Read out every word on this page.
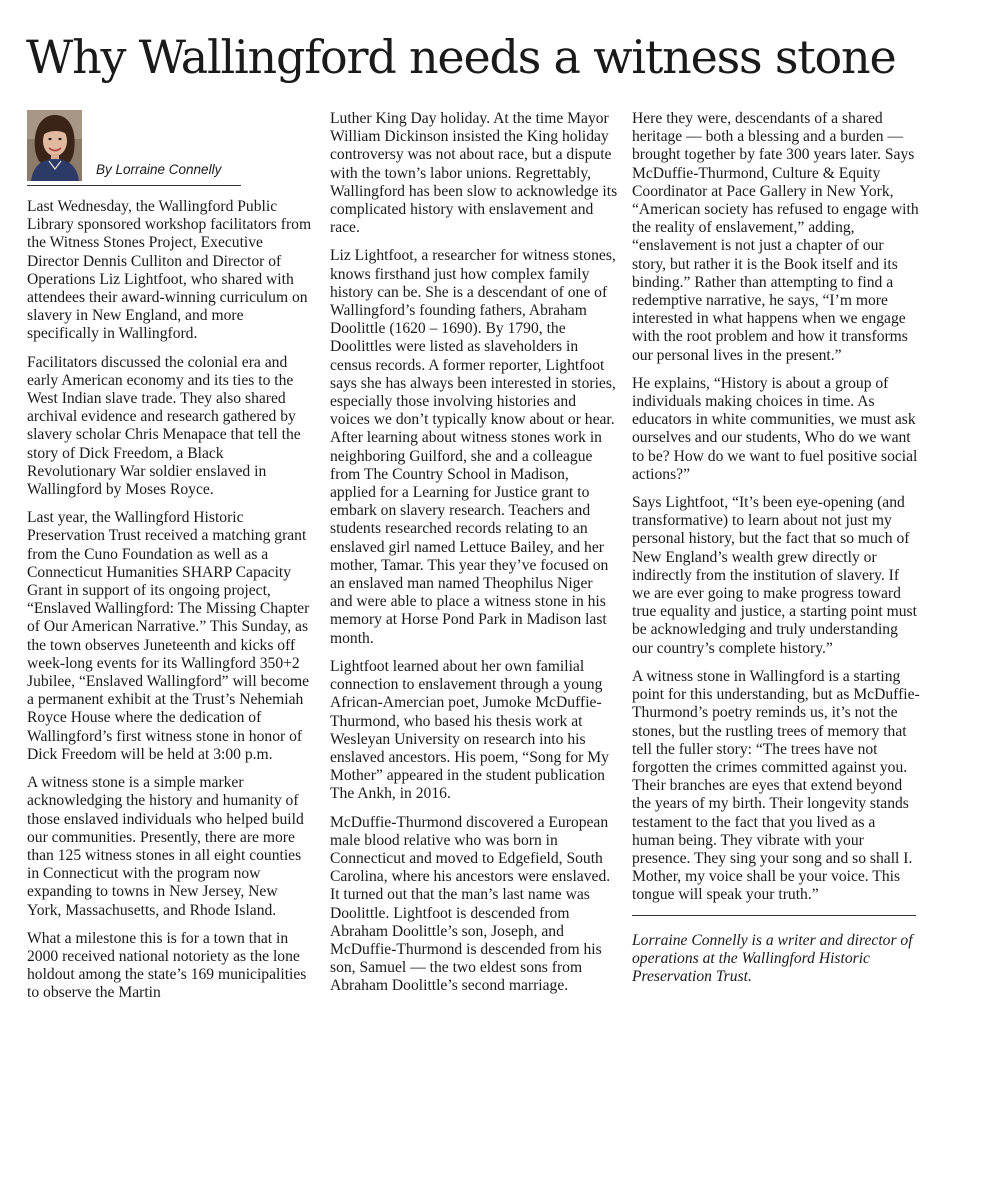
Why Wallingford needs a witness stone
By Lorraine Connelly

Last Wednesday, the Wallingford Public Library sponsored workshop facilitators from the Witness Stones Project, Executive Director Dennis Culliton and Director of Operations Liz Lightfoot, who shared with attendees their award-winning curriculum on slavery in New England, and more specifically in Wallingford.

Facilitators discussed the colonial era and early American economy and its ties to the West Indian slave trade. They also shared archival evidence and research gathered by slavery scholar Chris Menapace that tell the story of Dick Freedom, a Black Revolutionary War soldier enslaved in Wallingford by Moses Royce.

Last year, the Wallingford Historic Preservation Trust received a matching grant from the Cuno Foundation as well as a Connecticut Humanities SHARP Capacity Grant in support of its ongoing project, “Enslaved Wallingford: The Missing Chapter of Our American Narrative.” This Sunday, as the town observes Juneteenth and kicks off week-long events for its Wallingford 350+2 Jubilee, “Enslaved Wallingford” will become a permanent exhibit at the Trust’s Nehemiah Royce House where the dedication of Wallingford’s first witness stone in honor of Dick Freedom will be held at 3:00 p.m.

A witness stone is a simple marker acknowledging the history and humanity of those enslaved individuals who helped build our communities. Presently, there are more than 125 witness stones in all eight counties in Connecticut with the program now expanding to towns in New Jersey, New York, Massachusetts, and Rhode Island.

What a milestone this is for a town that in 2000 received national notoriety as the lone holdout among the state’s 169 municipalities to observe the Martin

Luther King Day holiday. At the time Mayor William Dickinson insisted the King holiday controversy was not about race, but a dispute with the town’s labor unions. Regrettably, Wallingford has been slow to acknowledge its complicated history with enslavement and race.

Liz Lightfoot, a researcher for witness stones, knows firsthand just how complex family history can be. She is a descendant of one of Wallingford’s founding fathers, Abraham Doolittle (1620 – 1690). By 1790, the Doolittles were listed as slaveholders in census records. A former reporter, Lightfoot says she has always been interested in stories, especially those involving histories and voices we don’t typically know about or hear. After learning about witness stones work in neighboring Guilford, she and a colleague from The Country School in Madison, applied for a Learning for Justice grant to embark on slavery research. Teachers and students researched records relating to an enslaved girl named Lettuce Bailey, and her mother, Tamar. This year they’ve focused on an enslaved man named Theophilus Niger and were able to place a witness stone in his memory at Horse Pond Park in Madison last month.

Lightfoot learned about her own familial connection to enslavement through a young African-Amercian poet, Jumoke McDuffie-Thurmond, who based his thesis work at Wesleyan University on research into his enslaved ancestors. His poem, “Song for My Mother” appeared in the student publication The Ankh, in 2016.

McDuffie-Thurmond discovered a European male blood relative who was born in Connecticut and moved to Edgefield, South Carolina, where his ancestors were enslaved. It turned out that the man’s last name was Doolittle. Lightfoot is descended from Abraham Doolittle’s son, Joseph, and McDuffie-Thurmond is descended from his son, Samuel — the two eldest sons from Abraham Doolittle’s second marriage.

Here they were, descendants of a shared heritage — both a blessing and a burden — brought together by fate 300 years later. Says McDuffie-Thurmond, Culture & Equity Coordinator at Pace Gallery in New York, “American society has refused to engage with the reality of enslavement,” adding, “enslavement is not just a chapter of our story, but rather it is the Book itself and its binding.” Rather than attempting to find a redemptive narrative, he says, “I’m more interested in what happens when we engage with the root problem and how it transforms our personal lives in the present.”

He explains, “History is about a group of individuals making choices in time. As educators in white communities, we must ask ourselves and our students, Who do we want to be? How do we want to fuel positive social actions?”

Says Lightfoot, “It’s been eye-opening (and transformative) to learn about not just my personal history, but the fact that so much of New England’s wealth grew directly or indirectly from the institution of slavery. If we are ever going to make progress toward true equality and justice, a starting point must be acknowledging and truly understanding our country’s complete history.”

A witness stone in Wallingford is a starting point for this understanding, but as McDuffie-Thurmond’s poetry reminds us, it’s not the stones, but the rustling trees of memory that tell the fuller story: “The trees have not forgotten the crimes committed against you. Their branches are eyes that extend beyond the years of my birth. Their longevity stands testament to the fact that you lived as a human being. They vibrate with your presence. They sing your song and so shall I. Mother, my voice shall be your voice. This tongue will speak your truth.”

Lorraine Connelly is a writer and director of operations at the Wallingford Historic Preservation Trust.
